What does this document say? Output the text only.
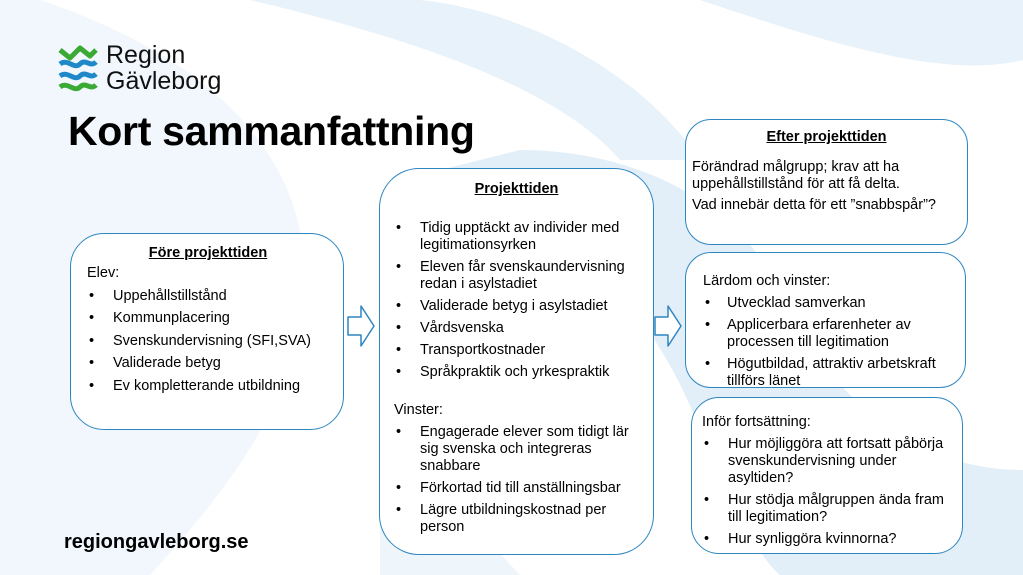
Region
Gävleborg
Kort sammanfattning
Före projekttiden
Elev:
• Uppehållstillstånd
• Kommunplacering
• Svenskundervisning (SFI,SVA)
• Validerade betyg
• Ev kompletterande utbildning
Projekttiden
• Tidig upptäckt av individer med legitimationsyrken
• Eleven får svenskaundervisning redan i asylstadiet
• Validerade betyg i asylstadiet
• Vårdsvenska
• Transportkostnader
• Språkpraktik och yrkespraktik
Vinster:
• Engagerade elever som tidigt lär sig svenska och integreras snabbare
• Förkortad tid till anställningsbar
• Lägre utbildningskostnad per person
Efter projekttiden

Förändrad målgrupp; krav att ha uppehållstillstånd för att få delta.

Vad innebär detta för ett ”snabbspår”?

Lärdom och vinster:
• Utvecklad samverkan
• Applicerbara erfarenheter av processen till legitimation
• Högutbildad, attraktiv arbetskraft tillförs länet
Inför fortsättning:
• Hur möjliggöra att fortsatt påbörja svenskundervisning under asyltiden?
• Hur stödja målgruppen ända fram till legitimation?
• Hur synliggöra kvinnorna?
regiongavleborg.se
